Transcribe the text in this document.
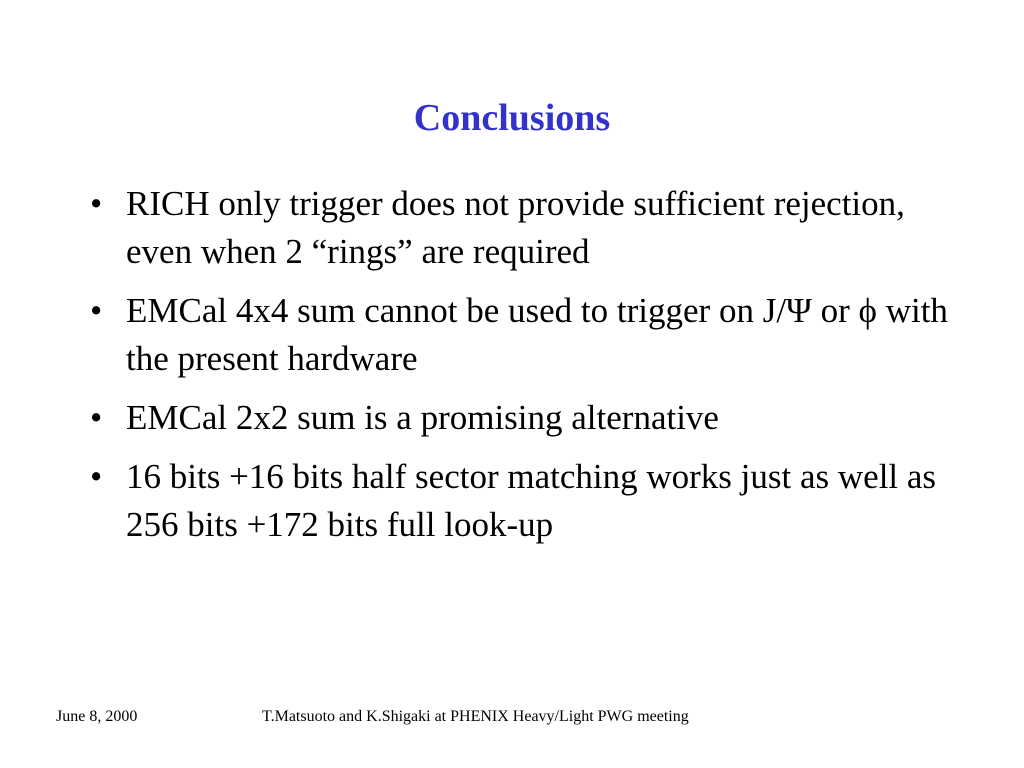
Conclusions
• RICH only trigger does not provide sufficient rejection, even when 2 “rings” are required
• EMCal 4x4 sum cannot be used to trigger on J/Ψ or ϕ with the present hardware
• EMCal 2x2 sum is a promising alternative
• 16 bits +16 bits half sector matching works just as well as 256 bits +172 bits full look-up
June 8, 2000	T.Matsuoto and K.Shigaki at PHENIX Heavy/Light PWG meeting
